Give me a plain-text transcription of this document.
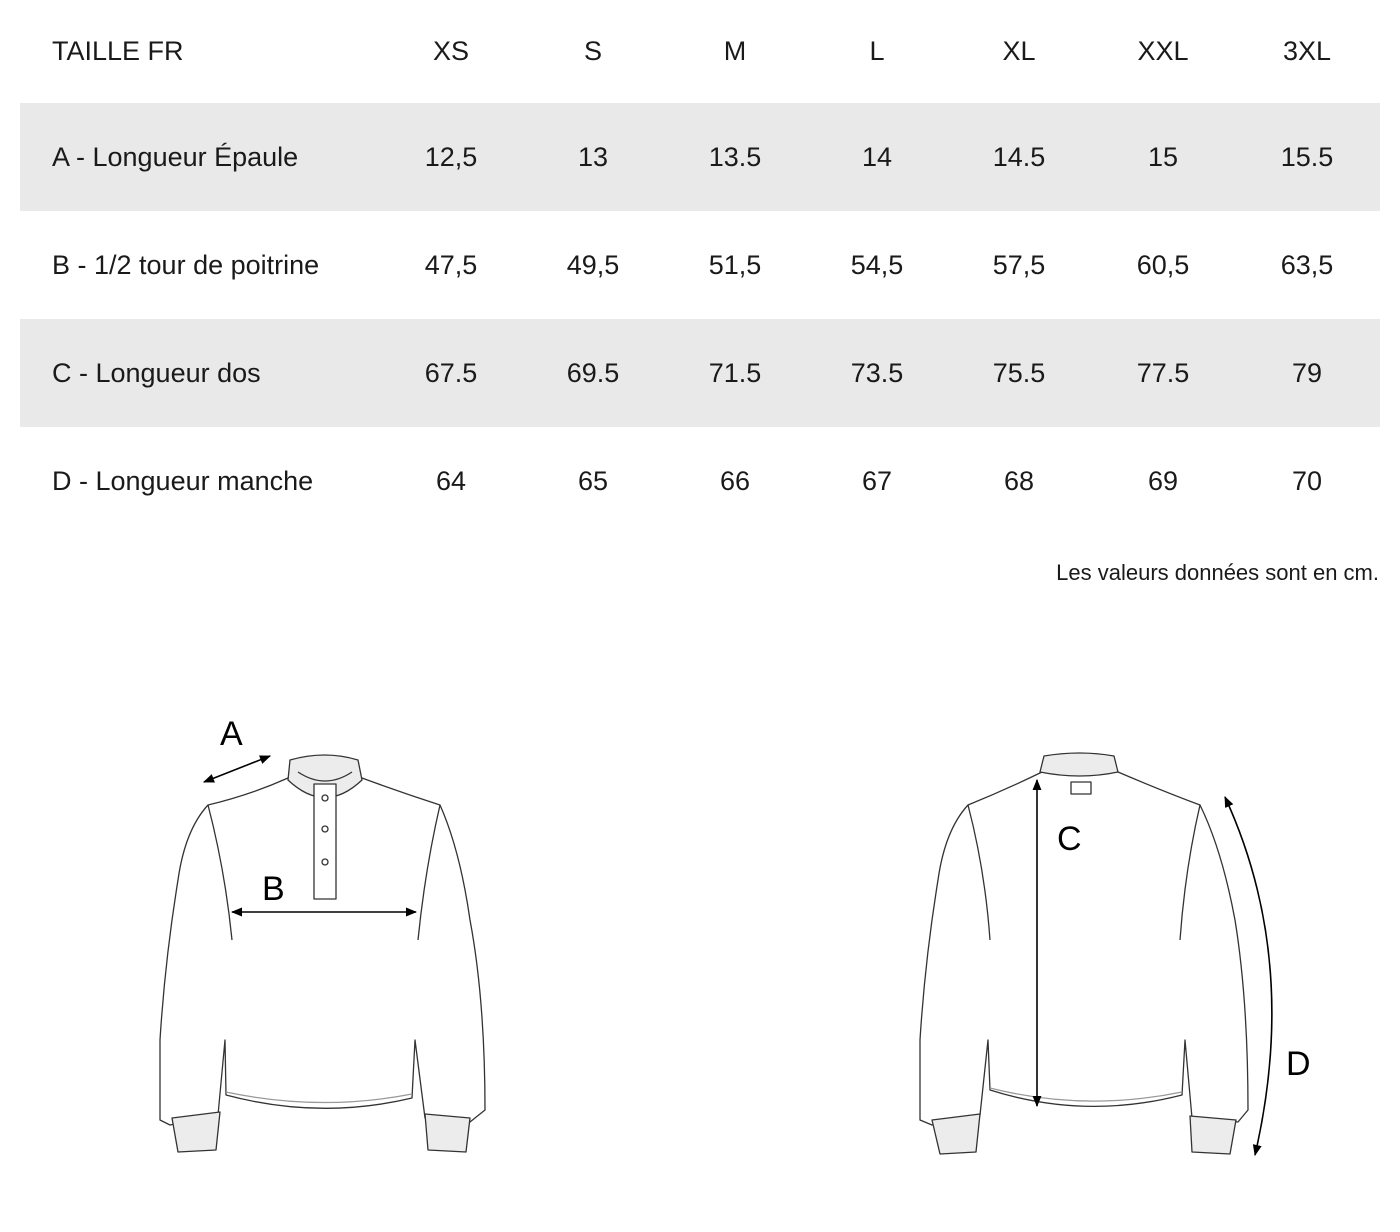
TAILLE FR	XS	S	M	L	XL	XXL	3XL
A - Longueur Épaule	12,5	13	13.5	14	14.5	15	15.5
B - 1/2 tour de poitrine	47,5	49,5	51,5	54,5	57,5	60,5	63,5
C - Longueur dos	67.5	69.5	71.5	73.5	75.5	77.5	79
D - Longueur manche	64	65	66	67	68	69	70
Les valeurs données sont en cm.
A
B
C
D
